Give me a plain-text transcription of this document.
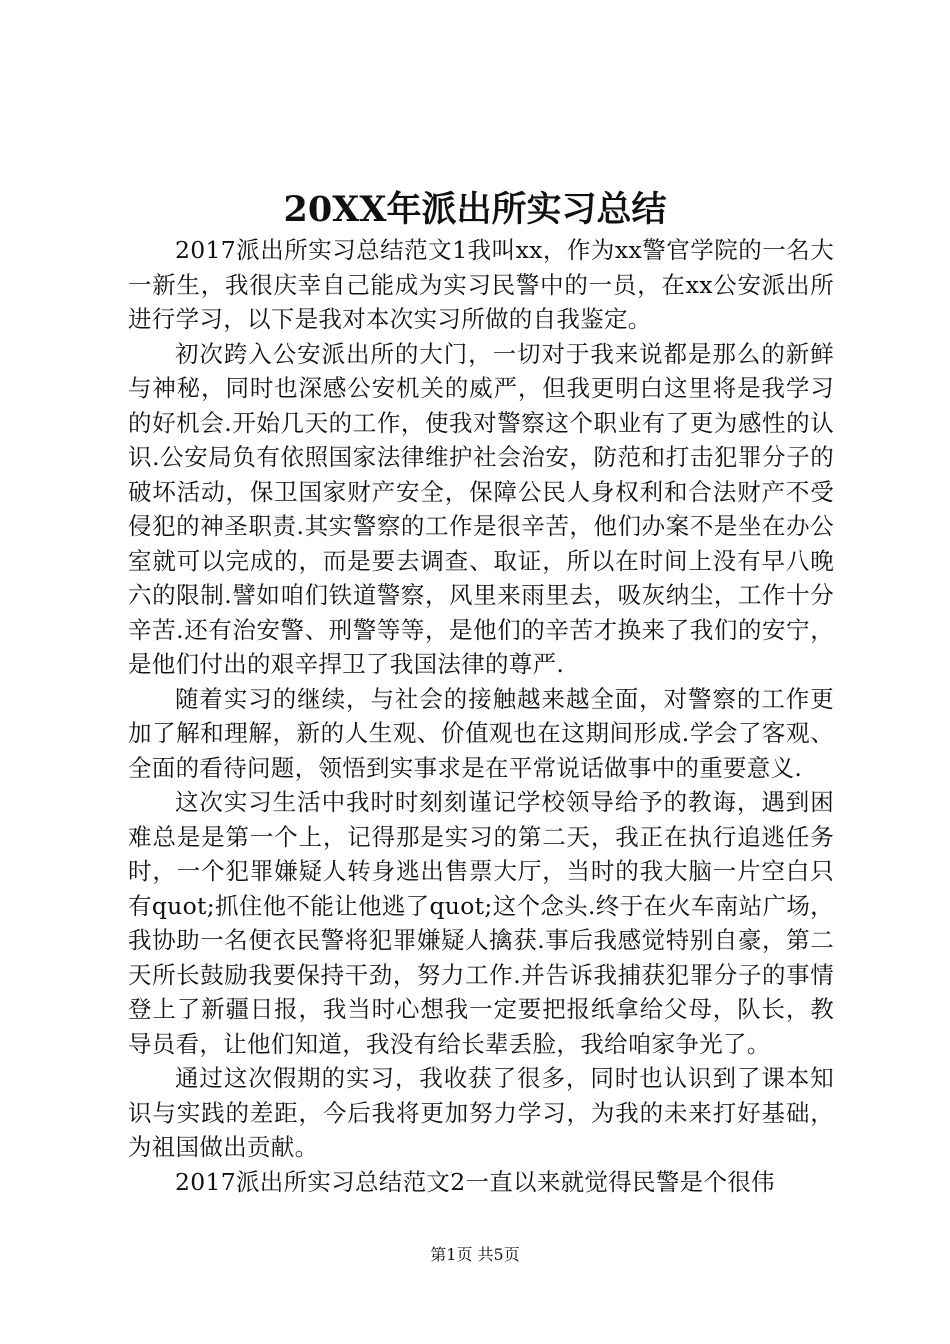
20XX年派出所实习总结

2017派出所实习总结范文1我叫xx，作为xx警官学院的一名大一新生，我很庆幸自己能成为实习民警中的一员，在xx公安派出所进行学习，以下是我对本次实习所做的自我鉴定。

初次跨入公安派出所的大门，一切对于我来说都是那么的新鲜与神秘，同时也深感公安机关的威严，但我更明白这里将是我学习的好机会.开始几天的工作，使我对警察这个职业有了更为感性的认识.公安局负有依照国家法律维护社会治安，防范和打击犯罪分子的破坏活动，保卫国家财产安全，保障公民人身权利和合法财产不受侵犯的神圣职责.其实警察的工作是很辛苦，他们办案不是坐在办公室就可以完成的，而是要去调查、取证，所以在时间上没有早八晚六的限制.譬如咱们铁道警察，风里来雨里去，吸灰纳尘，工作十分辛苦.还有治安警、刑警等等，是他们的辛苦才换来了我们的安宁，是他们付出的艰辛捍卫了我国法律的尊严.

随着实习的继续，与社会的接触越来越全面，对警察的工作更加了解和理解，新的人生观、价值观也在这期间形成.学会了客观、全面的看待问题，领悟到实事求是在平常说话做事中的重要意义.

这次实习生活中我时时刻刻谨记学校领导给予的教诲，遇到困难总是是第一个上，记得那是实习的第二天，我正在执行追逃任务时，一个犯罪嫌疑人转身逃出售票大厅，当时的我大脑一片空白只有quot;抓住他不能让他逃了quot;这个念头.终于在火车南站广场，我协助一名便衣民警将犯罪嫌疑人擒获.事后我感觉特别自豪，第二天所长鼓励我要保持干劲，努力工作.并告诉我捕获犯罪分子的事情登上了新疆日报，我当时心想我一定要把报纸拿给父母，队长，教导员看，让他们知道，我没有给长辈丢脸，我给咱家争光了。

通过这次假期的实习，我收获了很多，同时也认识到了课本知识与实践的差距，今后我将更加努力学习，为我的未来打好基础，为祖国做出贡献。

2017派出所实习总结范文2一直以来就觉得民警是个很伟

第1页 共5页
